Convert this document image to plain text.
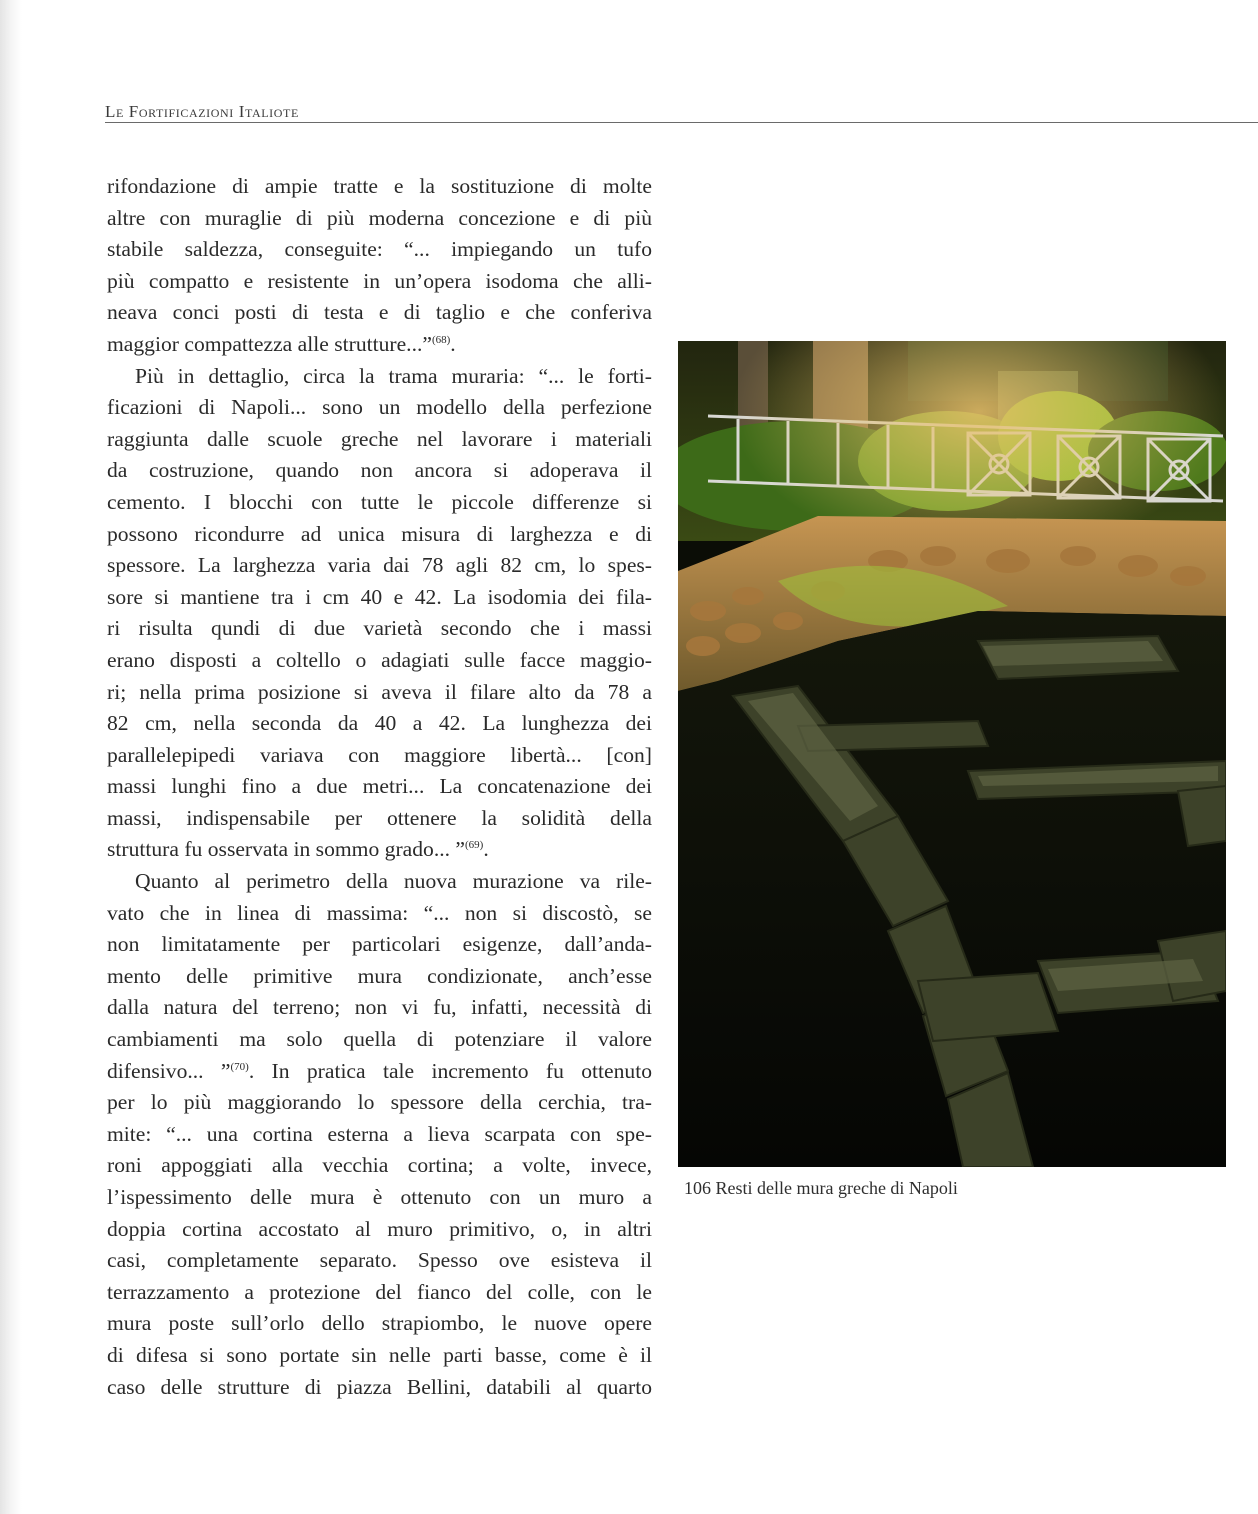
Le Fortificazioni Italiote
rifondazione di ampie tratte e la sostituzione di molte
altre con muraglie di più moderna concezione e di più
stabile saldezza, conseguite: “... impiegando un tufo
più compatto e resistente in un’opera isodoma che alli-
neava conci posti di testa e di taglio e che conferiva
maggior compattezza alle strutture...”$^{(68)}$.
Più in dettaglio, circa la trama muraria: “... le forti-
ficazioni di Napoli... sono un modello della perfezione
raggiunta dalle scuole greche nel lavorare i materiali
da costruzione, quando non ancora si adoperava il
cemento. I blocchi con tutte le piccole differenze si
possono ricondurre ad unica misura di larghezza e di
spessore. La larghezza varia dai 78 agli 82 cm, lo spes-
sore si mantiene tra i cm 40 e 42. La isodomia dei fila-
ri risulta qundi di due varietà secondo che i massi
erano disposti a coltello o adagiati sulle facce maggio-
ri; nella prima posizione si aveva il filare alto da 78 a
82 cm, nella seconda da 40 a 42. La lunghezza dei
parallelepipedi variava con maggiore libertà... [con]
massi lunghi fino a due metri... La concatenazione dei
massi, indispensabile per ottenere la solidità della
struttura fu osservata in sommo grado... ”$^{(69)}$.
Quanto al perimetro della nuova murazione va rile-
vato che in linea di massima: “... non si discostò, se
non limitatamente per particolari esigenze, dall’anda-
mento delle primitive mura condizionate, anch’esse
dalla natura del terreno; non vi fu, infatti, necessità di
cambiamenti ma solo quella di potenziare il valore
difensivo... ”$^{(70)}$. In pratica tale incremento fu ottenuto
per lo più maggiorando lo spessore della cerchia, tra-
mite: “... una cortina esterna a lieva scarpata con spe-
roni appoggiati alla vecchia cortina; a volte, invece,
l’ispessimento delle mura è ottenuto con un muro a
doppia cortina accostato al muro primitivo, o, in altri
casi, completamente separato. Spesso ove esisteva il
terrazzamento a protezione del fianco del colle, con le
mura poste sull’orlo dello strapiombo, le nuove opere
di difesa si sono portate sin nelle parti basse, come è il
caso delle strutture di piazza Bellini, databili al quarto
106 Resti delle mura greche di Napoli
